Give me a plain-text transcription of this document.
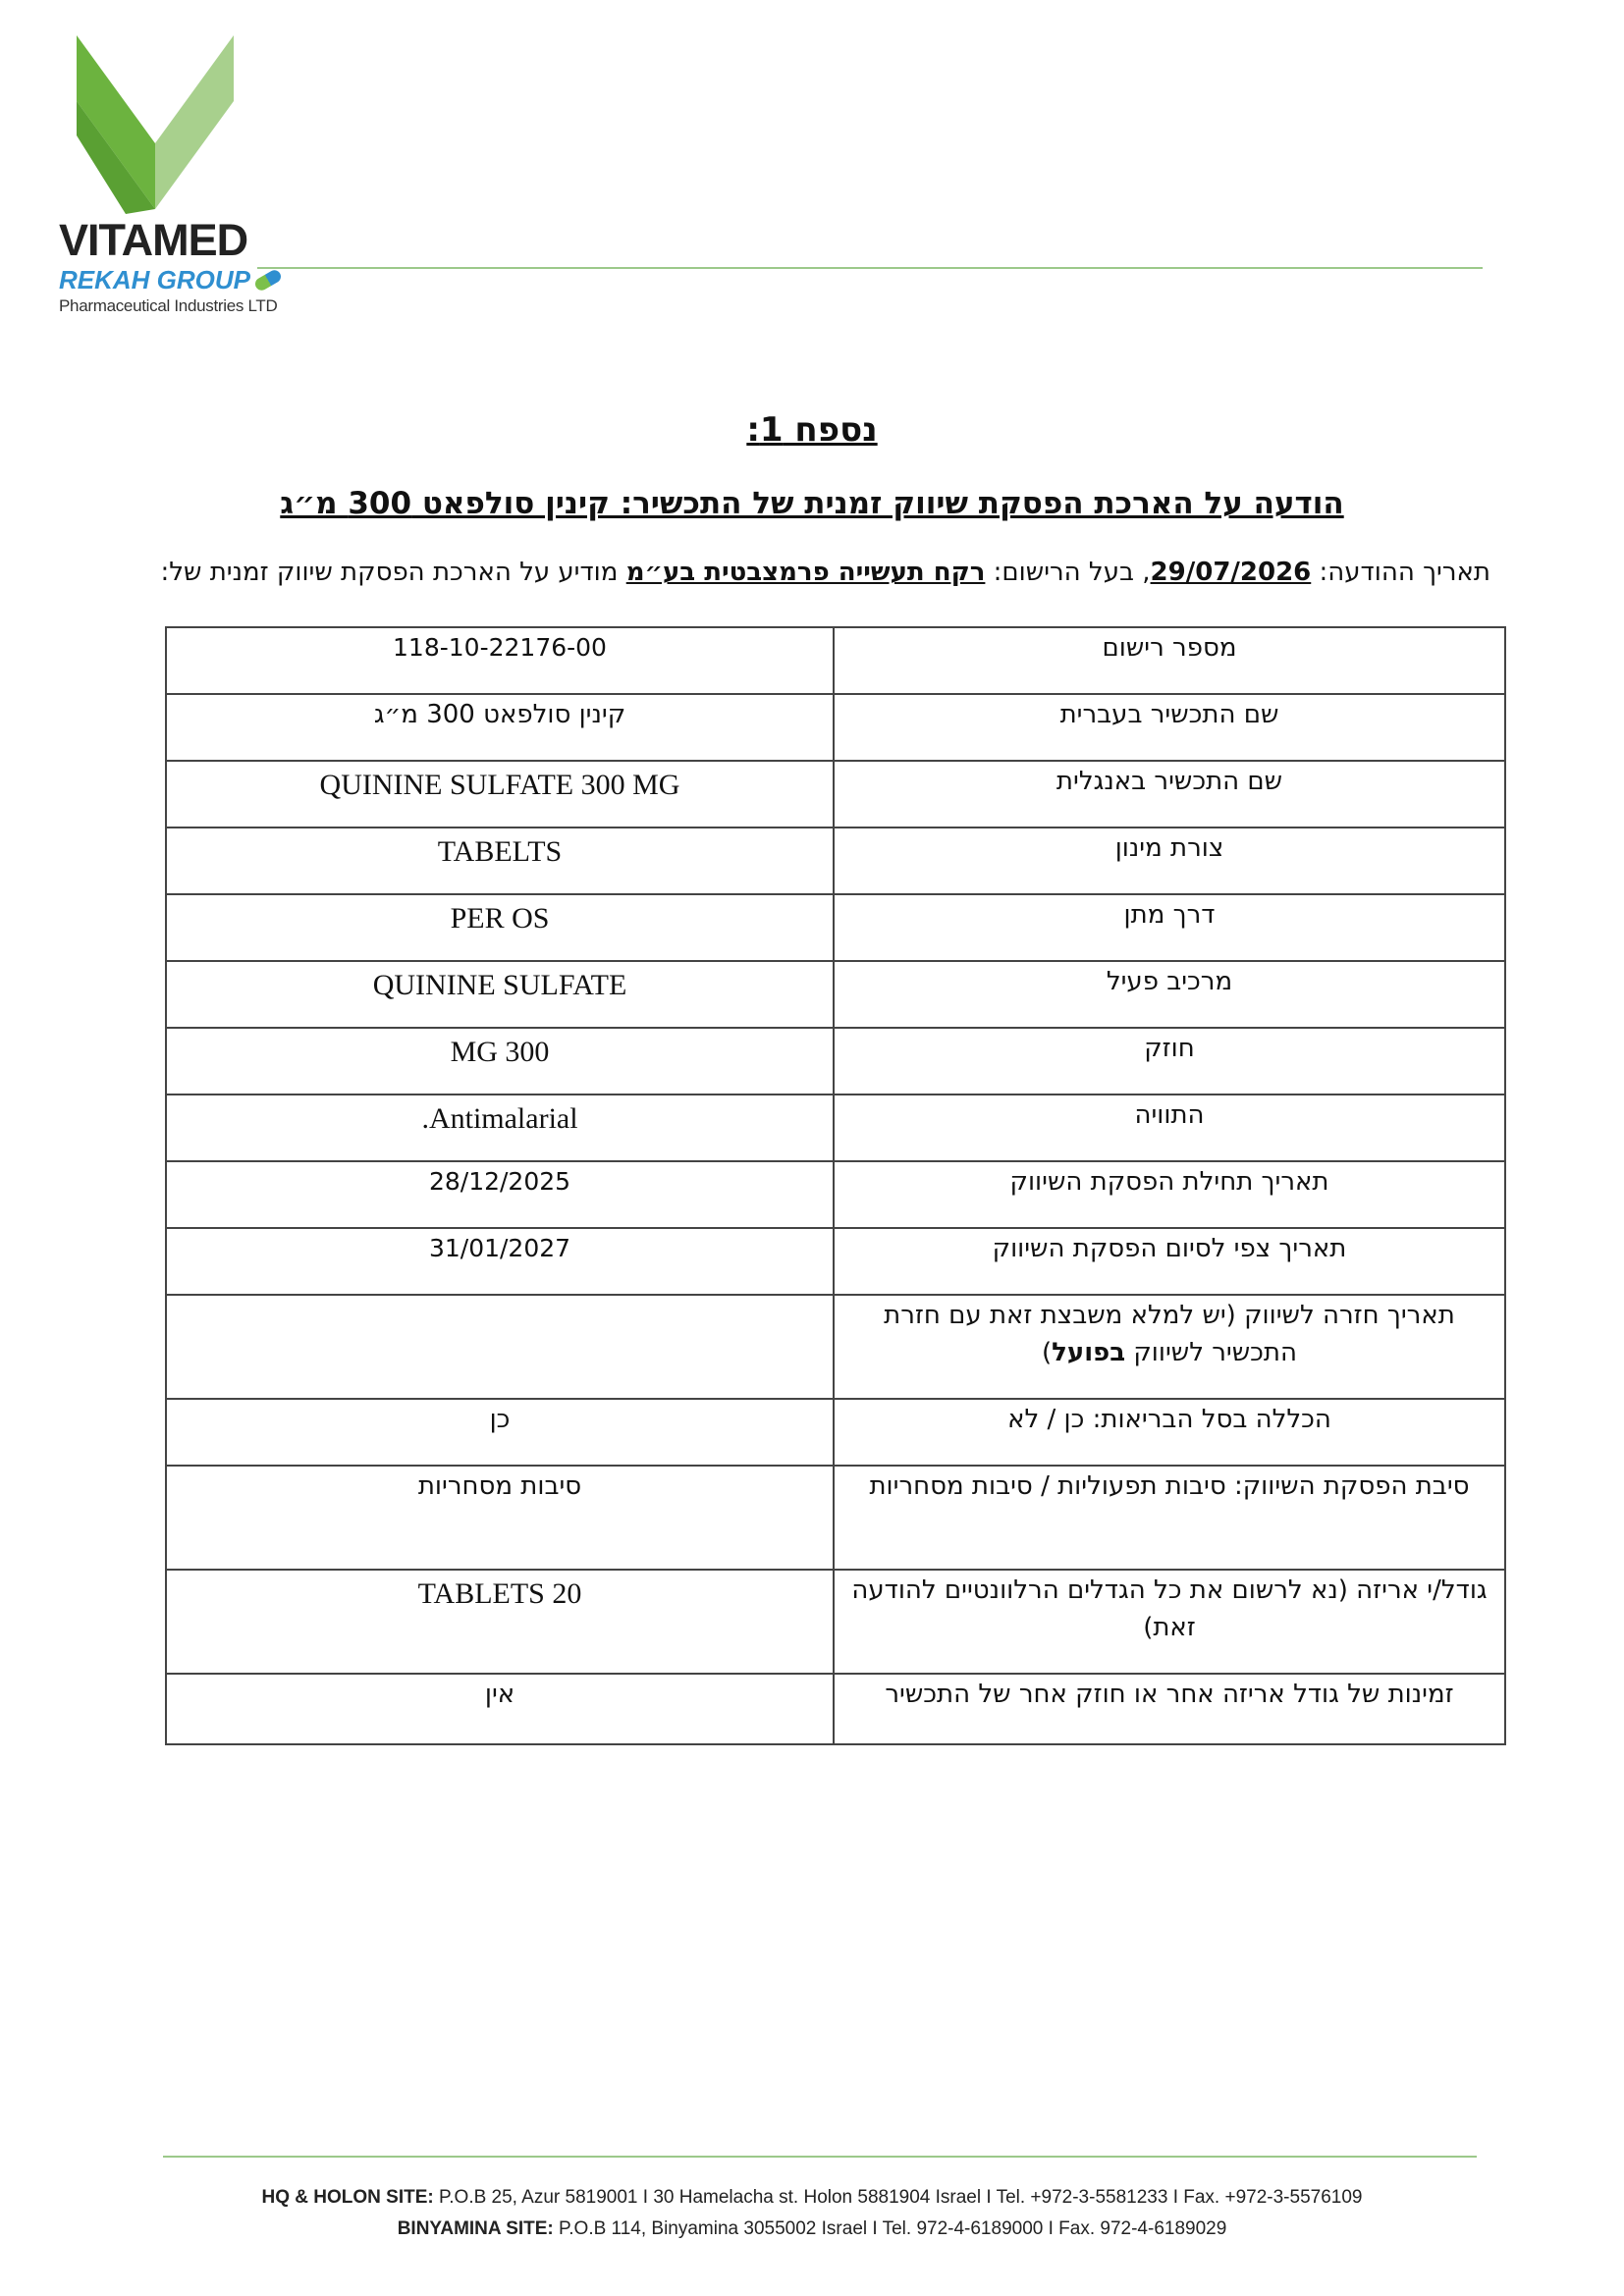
VITAMED
REKAH GROUP
Pharmaceutical Industries LTD
נספח 1:
הודעה על הארכת הפסקת שיווק זמנית של התכשיר: קינין סולפאט 300 מ״ג
תאריך ההודעה: 29/07/2026, בעל הרישום: רקח תעשייה פרמצבטית בע״מ מודיע על הארכת הפסקת שיווק זמנית של:
מספר רישום	118-10-22176-00
שם התכשיר בעברית	קינין סולפאט 300 מ״ג
שם התכשיר באנגלית	QUININE SULFATE 300 MG
צורת מינון	TABELTS
דרך מתן	PER OS
מרכיב פעיל	QUININE SULFATE
חוזק	300 MG
התוויה	Antimalarial.
תאריך תחילת הפסקת השיווק	28/12/2025
תאריך צפי לסיום הפסקת השיווק	31/01/2027
תאריך חזרה לשיווק (יש למלא משבצת זאת עם חזרת התכשיר לשיווק בפועל)	
הכללה בסל הבריאות: כן / לא	כן
סיבת הפסקת השיווק: סיבות תפעוליות / סיבות מסחריות	סיבות מסחריות
גודל/י אריזה (נא לרשום את כל הגדלים הרלוונטיים להודעה זאת)	20 TABLETS
זמינות של גודל אריזה אחר או חוזק אחר של התכשיר	אין
HQ & HOLON SITE: P.O.B 25, Azur 5819001 I 30 Hamelacha st. Holon 5881904 Israel I Tel. +972-3-5581233 I Fax. +972-3-5576109
BINYAMINA SITE: P.O.B 114, Binyamina 3055002 Israel I Tel. 972-4-6189000 I Fax. 972-4-6189029
